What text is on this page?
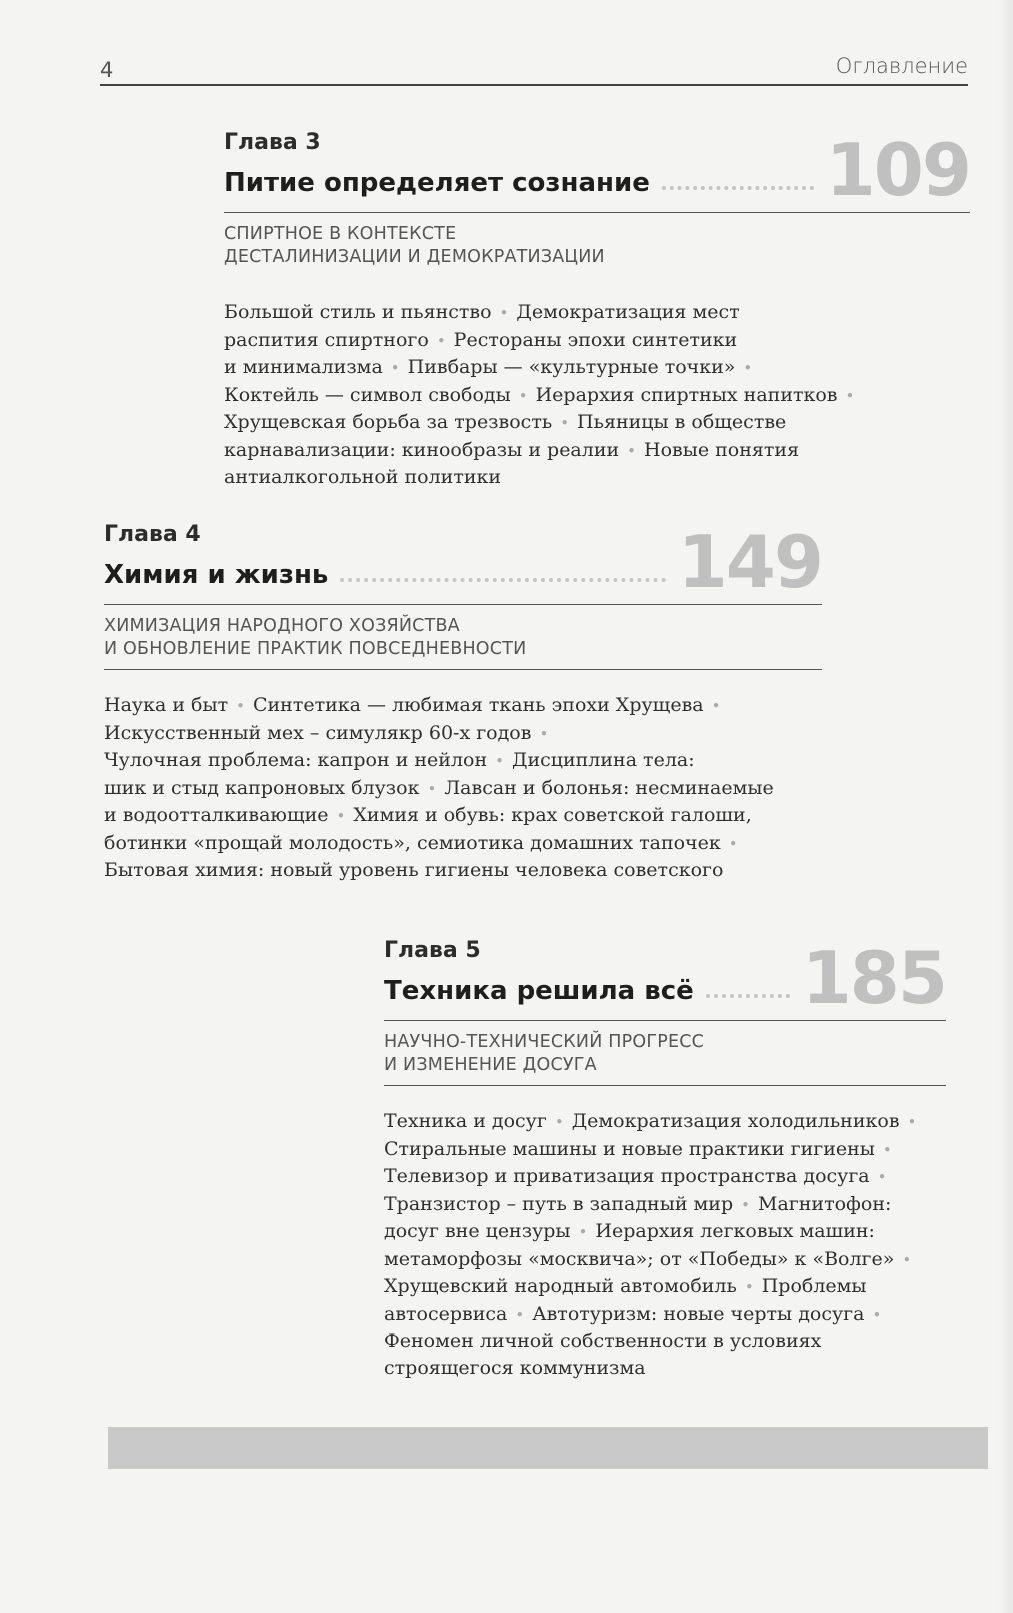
4	Оглавление
Глава 3
Питие определяет сознание 109
СПИРТНОЕ В КОНТЕКСТЕ
ДЕСТАЛИНИЗАЦИИ И ДЕМОКРАТИЗАЦИИ
Большой стиль и пьянство • Демократизация мест
распития спиртного • Рестораны эпохи синтетики
и минимализма • Пивбары — «культурные точки» •
Коктейль — символ свободы • Иерархия спиртных напитков •
Хрущевская борьба за трезвость • Пьяницы в обществе
карнавализации: кинообразы и реалии • Новые понятия
антиалкогольной политики
Глава 4
Химия и жизнь	149
ХИМИЗАЦИЯ НАРОДНОГО ХОЗЯЙСТВА
И ОБНОВЛЕНИЕ ПРАКТИК ПОВСЕДНЕВНОСТИ
Наука и быт • Синтетика — любимая ткань эпохи Хрущева •
Искусственный мех – симулякр 60-х годов •
Чулочная проблема: капрон и нейлон • Дисциплина тела:
шик и стыд капроновых блузок • Лавсан и болонья: несминаемые
и водоотталкивающие • Химия и обувь: крах советской галоши,
ботинки «прощай молодость», семиотика домашних тапочек •
Бытовая химия: новый уровень гигиены человека советского
Глава 5
Техника решила всё 185
НАУЧНО-ТЕХНИЧЕСКИЙ ПРОГРЕСС
И ИЗМЕНЕНИЕ ДОСУГА
Техника и досуг • Демократизация холодильников •
Стиральные машины и новые практики гигиены •
Телевизор и приватизация пространства досуга •
Транзистор – путь в западный мир • Магнитофон:
досуг вне цензуры • Иерархия легковых машин:
метаморфозы «москвича»; от «Победы» к «Волге» •
Хрущевский народный автомобиль • Проблемы
автосервиса • Автотуризм: новые черты досуга •
Феномен личной собственности в условиях
строящегося коммунизма
